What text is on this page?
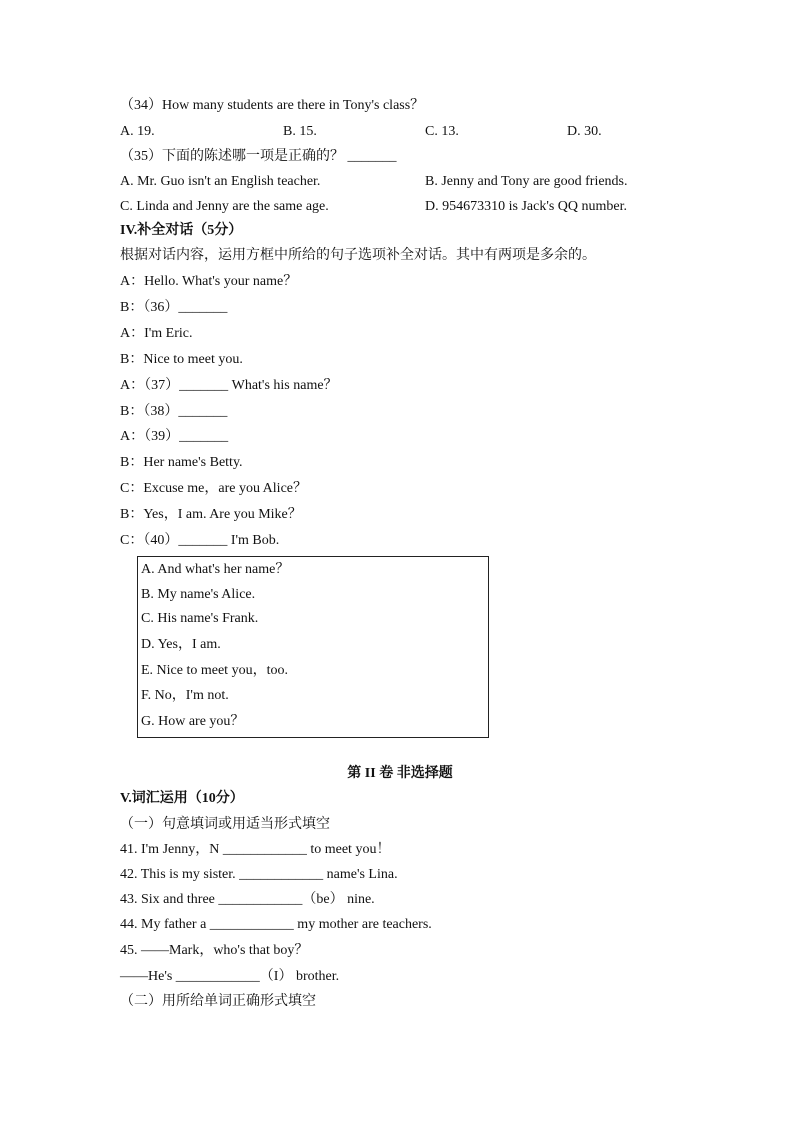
（34）How many students are there in Tony's class？
A. 19.	B. 15.	C. 13.	D. 30.
（35）下面的陈述哪一项是正确的？ _______
A. Mr. Guo isn't an English teacher.	B. Jenny and Tony are good friends.
C. Linda and Jenny are the same age.	D. 954673310 is Jack's QQ number.
IV.补全对话（5分）
根据对话内容，运用方框中所给的句子选项补全对话。其中有两项是多余的。
A：Hello. What's your name？
B：（36）_______
A：I'm Eric.
B：Nice to meet you.
A：（37）_______ What's his name？
B：（38）_______
A：（39）_______
B：Her name's Betty.
C：Excuse me，are you Alice？
B：Yes，I am. Are you Mike？
C：（40）_______ I'm Bob.
A. And what's her name？
B. My name's Alice.
C. His name's Frank.
D. Yes，I am.
E. Nice to meet you，too.
F. No，I'm not.
G. How are you？
第 II 卷 非选择题
V.词汇运用（10分）
（一）句意填词或用适当形式填空
41. I'm Jenny，N ____________ to meet you！
42. This is my sister. ____________ name's Lina.
43. Six and three ____________（be） nine.
44. My father a ____________ my mother are teachers.
45. ——Mark，who's that boy？
——He's ____________（I） brother.
（二）用所给单词正确形式填空
